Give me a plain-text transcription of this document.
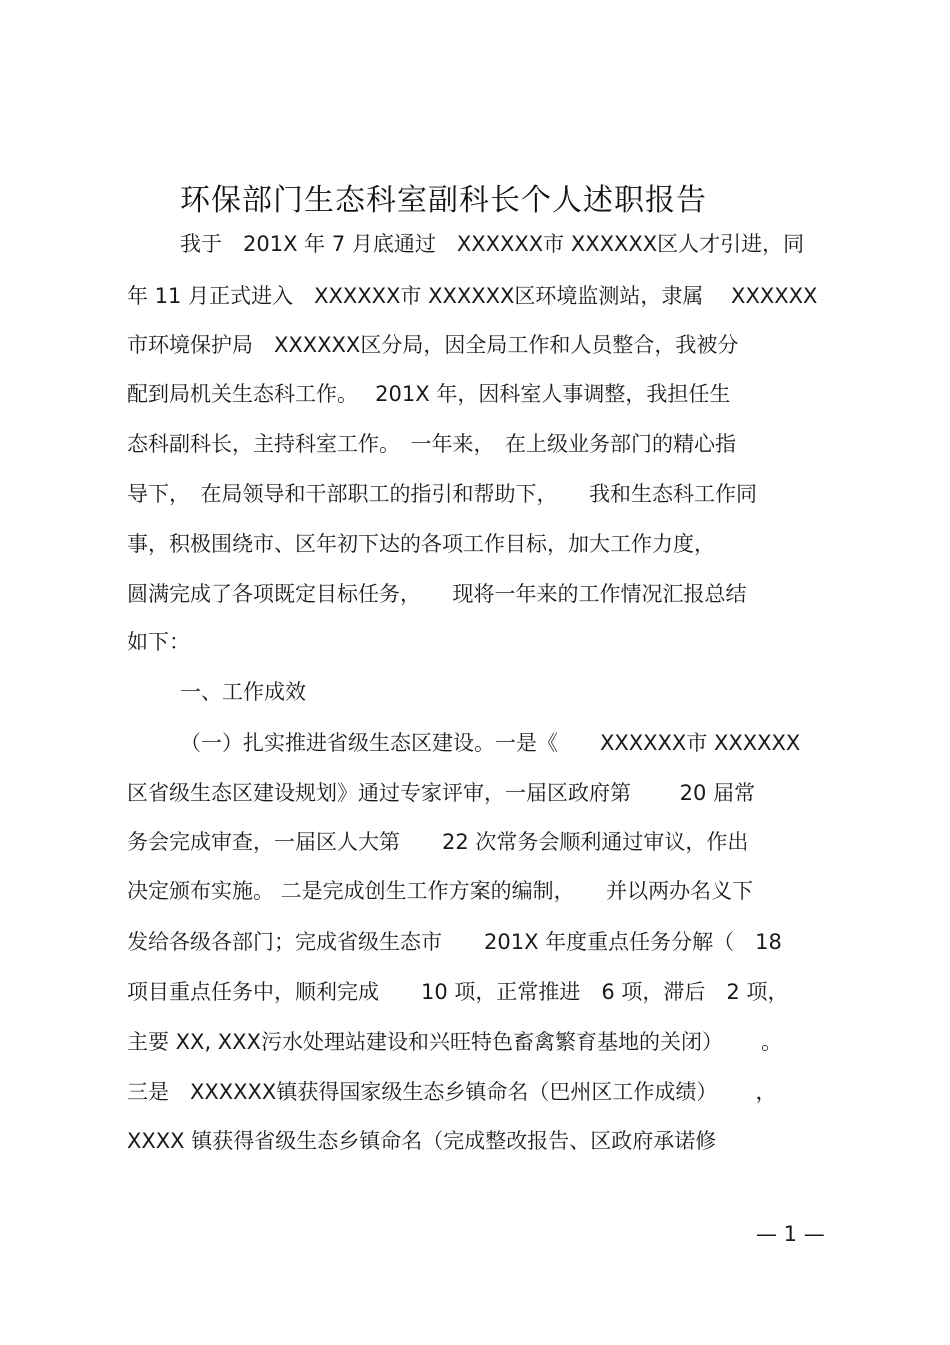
环保部门生态科室副科长个人述职报告
我于　201X 年 7 月底通过　XXXXXX市 XXXXXX区人才引进，同
年 11 月正式进入　XXXXXX市 XXXXXX区环境监测站，隶属　 XXXXXX
市环境保护局　XXXXXX区分局，因全局工作和人员整合，我被分
配到局机关生态科工作。　 201X 年，因科室人事调整，我担任生
态科副科长，主持科室工作。　一年来，　在上级业务部门的精心指
导下，　在局领导和干部职工的指引和帮助下，　　我和生态科工作同
事，积极围绕市、区年初下达的各项工作目标，加大工作力度，
圆满完成了各项既定目标任务，　　现将一年来的工作情况汇报总结
如下：
一、工作成效
（一）扎实推进省级生态区建设。一是《　　XXXXXX市 XXXXXX
区省级生态区建设规划》通过专家评审，一届区政府第　　 20 届常
务会完成审查，一届区人大第　　22 次常务会顺利通过审议，作出
决定颁布实施。 二是完成创生工作方案的编制，　　并以两办名义下
发给各级各部门；完成省级生态市　　201X 年度重点任务分解（　18
项目重点任务中，顺利完成　　10 项，正常推进　6 项，滞后　2 项，
主要 XX, XXX污水处理站建设和兴旺特色畜禽繁育基地的关闭）　　 。
三是　XXXXXX镇获得国家级生态乡镇命名（巴州区工作成绩）　　 ，
XXXX 镇获得省级生态乡镇命名（完成整改报告、区政府承诺修
— 1 —
